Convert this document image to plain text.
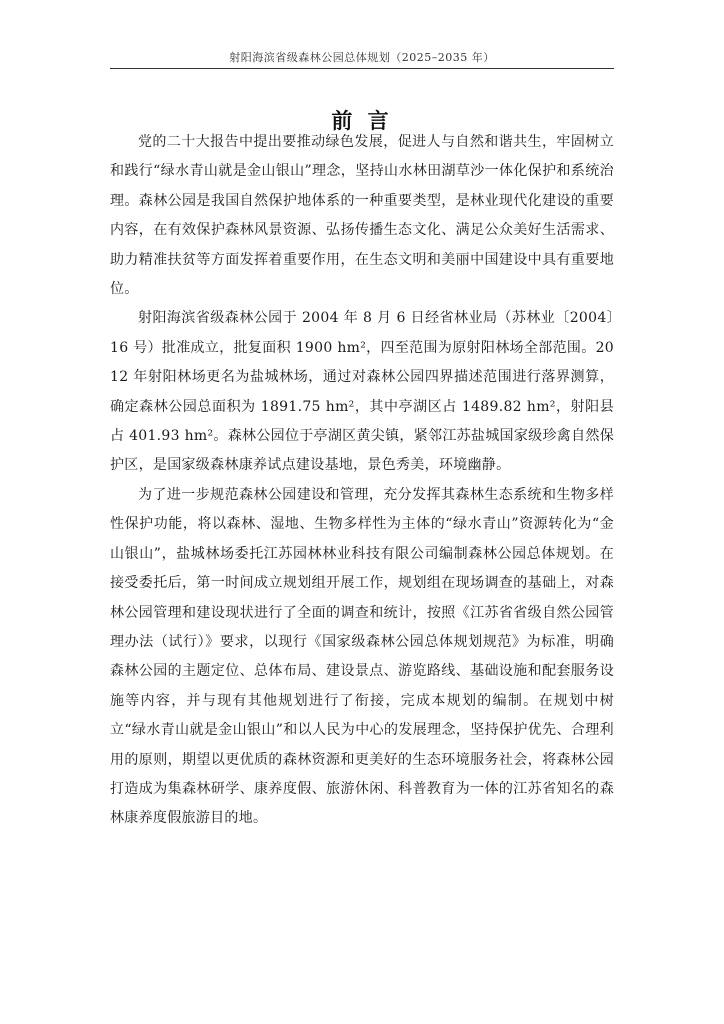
射阳海滨省级森林公园总体规划（2025–2035 年）
前 言

党的二十大报告中提出要推动绿色发展，促进人与自然和谐共生，牢固树立和践行“绿水青山就是金山银山”理念，坚持山水林田湖草沙一体化保护和系统治理。森林公园是我国自然保护地体系的一种重要类型，是林业现代化建设的重要内容，在有效保护森林风景资源、弘扬传播生态文化、满足公众美好生活需求、助力精准扶贫等方面发挥着重要作用，在生态文明和美丽中国建设中具有重要地位。

射阳海滨省级森林公园于 2004 年 8 月 6 日经省林业局（苏林业〔2004〕16 号）批准成立，批复面积 1900 hm²，四至范围为原射阳林场全部范围。2012 年射阳林场更名为盐城林场，通过对森林公园四界描述范围进行落界测算，确定森林公园总面积为 1891.75 hm²，其中亭湖区占 1489.82 hm²，射阳县占 401.93 hm²。森林公园位于亭湖区黄尖镇，紧邻江苏盐城国家级珍禽自然保护区，是国家级森林康养试点建设基地，景色秀美，环境幽静。

为了进一步规范森林公园建设和管理，充分发挥其森林生态系统和生物多样性保护功能，将以森林、湿地、生物多样性为主体的“绿水青山”资源转化为“金山银山”，盐城林场委托江苏园林林业科技有限公司编制森林公园总体规划。在接受委托后，第一时间成立规划组开展工作，规划组在现场调查的基础上，对森林公园管理和建设现状进行了全面的调查和统计，按照《江苏省省级自然公园管理办法（试行）》要求，以现行《国家级森林公园总体规划规范》为标准，明确森林公园的主题定位、总体布局、建设景点、游览路线、基础设施和配套服务设施等内容，并与现有其他规划进行了衔接，完成本规划的编制。在规划中树立“绿水青山就是金山银山”和以人民为中心的发展理念，坚持保护优先、合理利用的原则，期望以更优质的森林资源和更美好的生态环境服务社会，将森林公园打造成为集森林研学、康养度假、旅游休闲、科普教育为一体的江苏省知名的森林康养度假旅游目的地。
